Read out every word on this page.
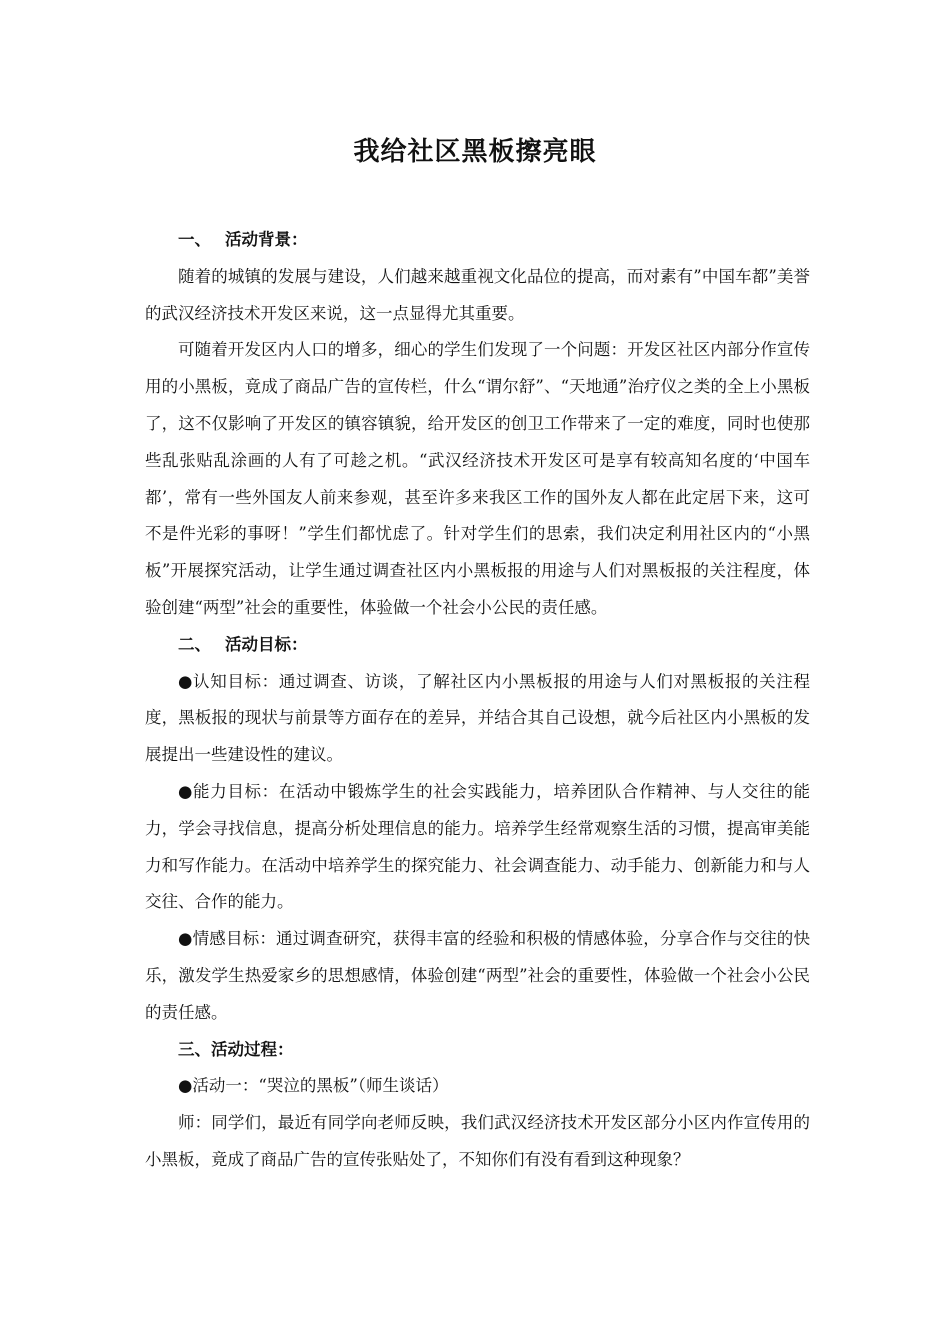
我给社区黑板擦亮眼
一、 活动背景：

随着的城镇的发展与建设，人们越来越重视文化品位的提高，而对素有”中国车都”美誉的武汉经济技术开发区来说，这一点显得尤其重要。

可随着开发区内人口的增多，细心的学生们发现了一个问题：开发区社区内部分作宣传用的小黑板，竟成了商品广告的宣传栏，什么“谓尔舒”、“天地通”治疗仪之类的全上小黑板了，这不仅影响了开发区的镇容镇貌，给开发区的创卫工作带来了一定的难度，同时也使那些乱张贴乱涂画的人有了可趁之机。“武汉经济技术开发区可是享有较高知名度的‘中国车都’，常有一些外国友人前来参观，甚至许多来我区工作的国外友人都在此定居下来，这可不是件光彩的事呀！”学生们都忧虑了。针对学生们的思索，我们决定利用社区内的“小黑板”开展探究活动，让学生通过调查社区内小黑板报的用途与人们对黑板报的关注程度，体验创建“两型”社会的重要性，体验做一个社会小公民的责任感。

二、 活动目标：

●认知目标：通过调查、访谈，了解社区内小黑板报的用途与人们对黑板报的关注程度，黑板报的现状与前景等方面存在的差异，并结合其自己设想，就今后社区内小黑板的发展提出一些建设性的建议。

●能力目标：在活动中锻炼学生的社会实践能力，培养团队合作精神、与人交往的能力，学会寻找信息，提高分析处理信息的能力。培养学生经常观察生活的习惯，提高审美能力和写作能力。在活动中培养学生的探究能力、社会调查能力、动手能力、创新能力和与人交往、合作的能力。

●情感目标：通过调查研究，获得丰富的经验和积极的情感体验，分享合作与交往的快乐，激发学生热爱家乡的思想感情，体验创建“两型”社会的重要性，体验做一个社会小公民的责任感。

三、活动过程：

●活动一：“哭泣的黑板”（师生谈话）

师：同学们，最近有同学向老师反映，我们武汉经济技术开发区部分小区内作宣传用的小黑板，竟成了商品广告的宣传张贴处了，不知你们有没有看到这种现象？
